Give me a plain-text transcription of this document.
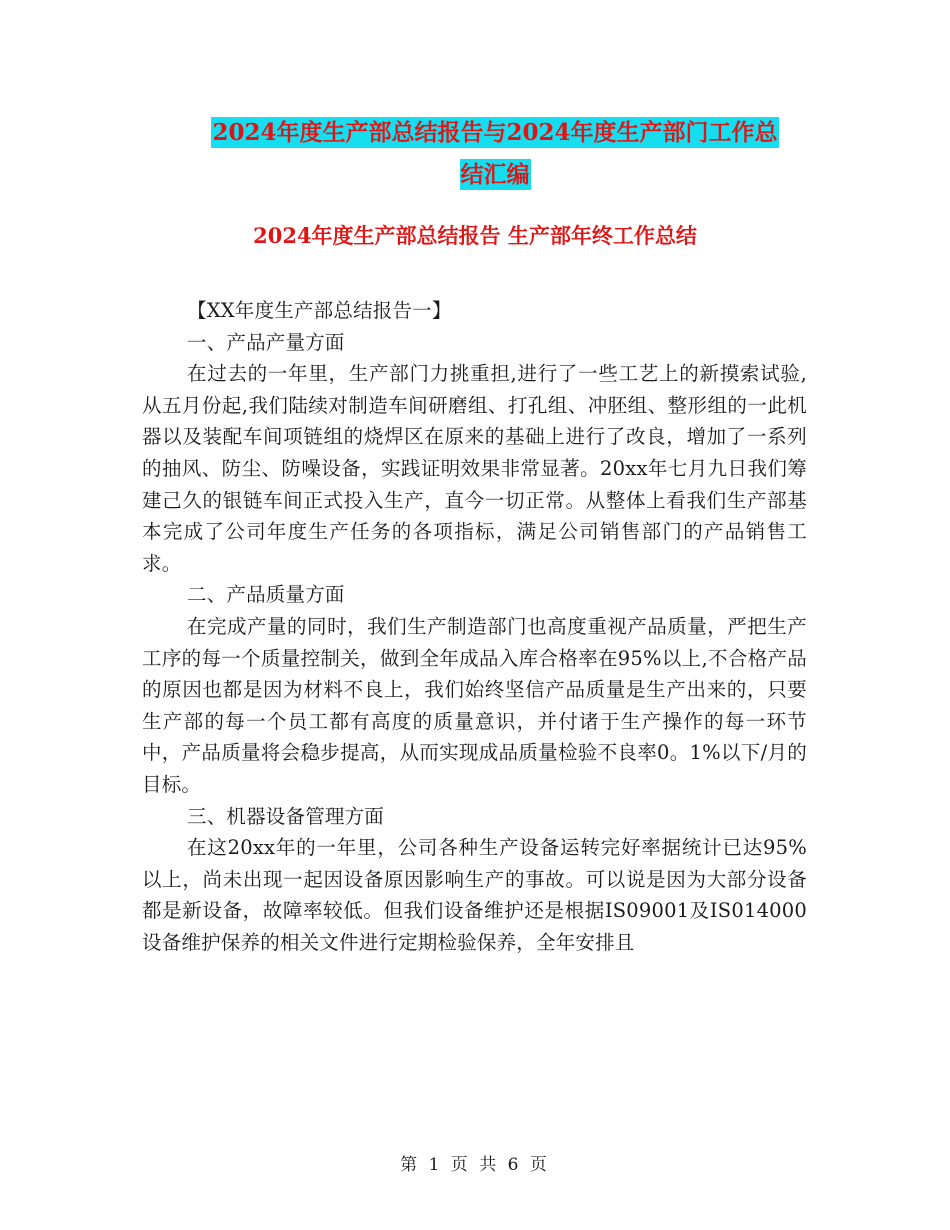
2024年度生产部总结报告与2024年度生产部门工作总
结汇编
2024年度生产部总结报告 生产部年终工作总结

【XX年度生产部总结报告一】

一、产品产量方面

在过去的一年里，生产部门力挑重担,进行了一些工艺上的新摸索试验,从五月份起,我们陆续对制造车间研磨组、打孔组、冲胚组、整形组的一此机器以及装配车间项链组的烧焊区在原来的基础上进行了改良，增加了一系列的抽风、防尘、防噪设备，实践证明效果非常显著。20xx年七月九日我们筹建己久的银链车间正式投入生产，直今一切正常。从整体上看我们生产部基本完成了公司年度生产任务的各项指标，满足公司销售部门的产品销售工求。

二、产品质量方面

在完成产量的同时，我们生产制造部门也高度重视产品质量，严把生产工序的每一个质量控制关，做到全年成品入库合格率在95%以上,不合格产品的原因也都是因为材料不良上，我们始终坚信产品质量是生产出来的，只要生产部的每一个员工都有高度的质量意识，并付诸于生产操作的每一环节中，产品质量将会稳步提高，从而实现成品质量检验不良率0。1%以下/月的目标。

三、机器设备管理方面

在这20xx年的一年里，公司各种生产设备运转完好率据统计已达95%以上，尚未出现一起因设备原因影响生产的事故。可以说是因为大部分设备都是新设备，故障率较低。但我们设备维护还是根据IS09001及IS014000设备维护保养的相关文件进行定期检验保养，全年安排且

第 1 页 共 6 页
